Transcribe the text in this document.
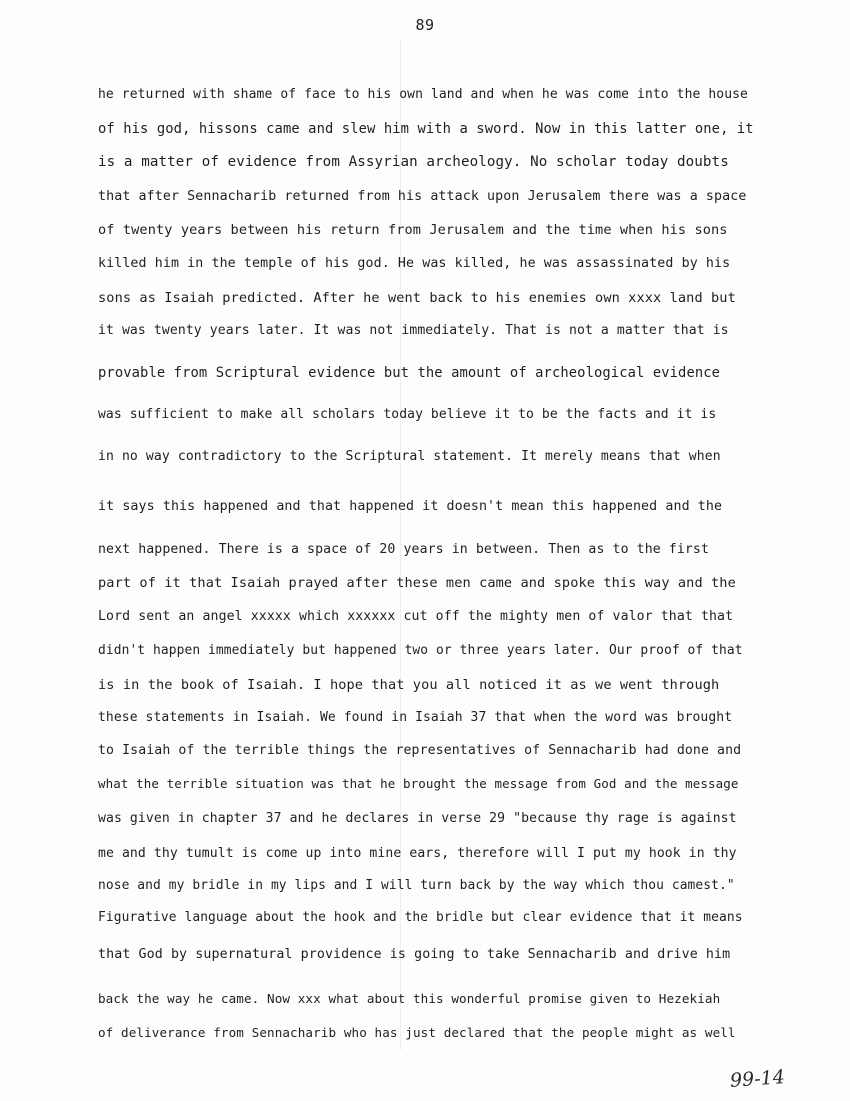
89
he returned with shame of face to his own land and when he was come into the house
of his god, hissons came and slew him with a sword. Now in this latter one, it
is a matter of evidence from Assyrian archeology. No scholar today doubts
that after Sennacharib returned from his attack upon Jerusalem there was a space
of twenty years between his return from Jerusalem and the time when his sons
killed him in the temple of his god. He was killed, he was assassinated by his
sons as Isaiah predicted. After he went back to his enemies own xxxx land but
it was twenty years later. It was not immediately. That is not a matter that is
provable from Scriptural evidence but the amount of archeological evidence
was sufficient to make all scholars today believe it to be the facts and it is
in no way contradictory to the Scriptural statement. It merely means that when
it says this happened and that happened it doesn't mean this happened and the
next happened. There is a space of 20 years in between. Then as to the first
part of it that Isaiah prayed after these men came and spoke this way and the
Lord sent an angel xxxxx which xxxxxx cut off the mighty men of valor that that
didn't happen immediately but happened two or three years later. Our proof of that
is in the book of Isaiah. I hope that you all noticed it as we went through
these statements in Isaiah. We found in Isaiah 37 that when the word was brought
to Isaiah of the terrible things the representatives of Sennacharib had done and
what the terrible situation was that he brought the message from God and the message
was given in chapter 37 and he declares in verse 29 "because thy rage is against
me and thy tumult is come up into mine ears, therefore will I put my hook in thy
nose and my bridle in my lips and I will turn back by the way which thou camest."
Figurative language about the hook and the bridle but clear evidence that it means
that God by supernatural providence is going to take Sennacharib and drive him
back the way he came. Now xxx what about this wonderful promise given to Hezekiah
of deliverance from Sennacharib who has just declared that the people might as well
99-14
